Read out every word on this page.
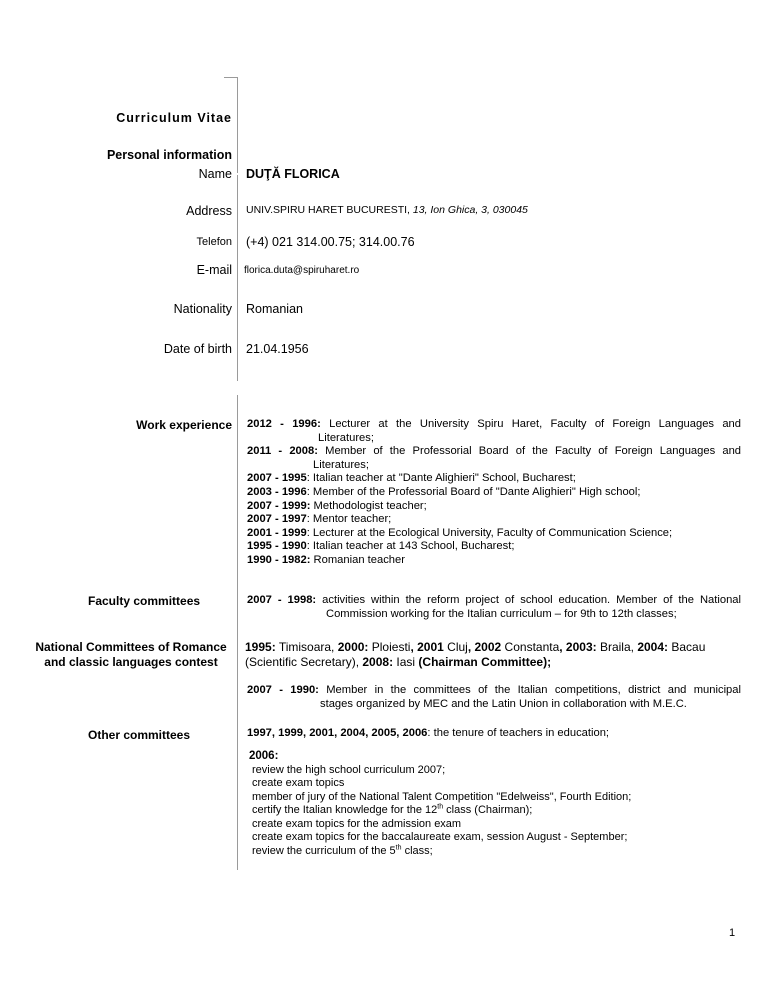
Curriculum Vitae
Personal information
Name DUŢĂ FLORICA
Address UNIV.SPIRU HARET BUCURESTI, 13, Ion Ghica, 3, 030045
Telefon (+4) 021 314.00.75; 314.00.76
E-mail florica.duta@spiruharet.ro
Nationality Romanian
Date of birth 21.04.1956
Work experience 2012 - 1996: Lecturer at the University Spiru Haret, Faculty of Foreign Languages and
Literatures;
2011 - 2008: Member of the Professorial Board of the Faculty of Foreign Languages and
Literatures;
2007 - 1995: Italian teacher at "Dante Alighieri" School, Bucharest;
2003 - 1996: Member of the Professorial Board of "Dante Alighieri" High school;
2007 - 1999: Methodologist teacher;
2007 - 1997: Mentor teacher;
2001 - 1999: Lecturer at the Ecological University, Faculty of Communication Science;
1995 - 1990: Italian teacher at 143 School, Bucharest;
1990 - 1982: Romanian teacher
Faculty committees	2007 - 1998: activities within the reform project of school education. Member of the National
Commission working for the Italian curriculum – for 9th to 12th classes;
National Committees of Romance
and classic languages contest
1995: Timisoara, 2000: Ploiesti, 2001 Cluj, 2002 Constanta, 2003: Braila, 2004: Bacau
(Scientific Secretary), 2008: Iasi (Chairman Committee);
2007 - 1990: Member in the committees of the Italian competitions, district and municipal
stages organized by MEC and the Latin Union in collaboration with M.E.C.
Other committees	1997, 1999, 2001, 2004, 2005, 2006: the tenure of teachers in education;
2006:
review the high school curriculum 2007;
create exam topics
member of jury of the National Talent Competition "Edelweiss", Fourth Edition;
certify the Italian knowledge for the 12th class (Chairman);
create exam topics for the admission exam
create exam topics for the baccalaureate exam, session August - September;
review the curriculum of the 5th class;
1
